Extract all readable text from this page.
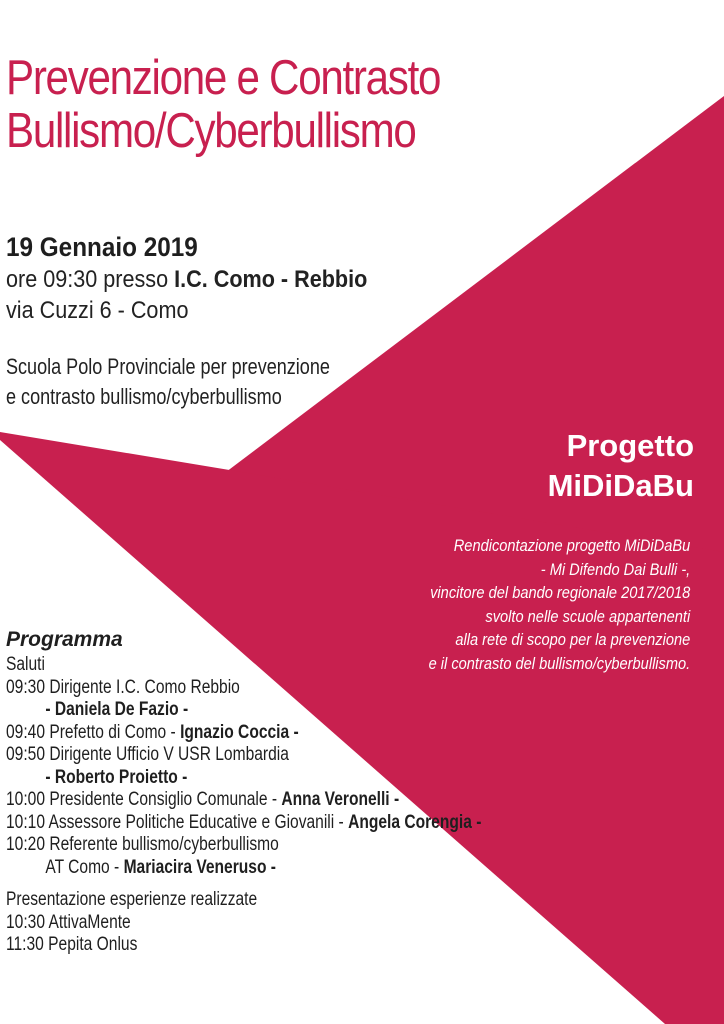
Prevenzione e Contrasto
Bullismo/Cyberbullismo
19 Gennaio 2019
ore 09:30 presso I.C. Como - Rebbio
via Cuzzi 6 - Como
Scuola Polo Provinciale per prevenzione
e contrasto bullismo/cyberbullismo
Progetto
MiDiDaBu
Rendicontazione progetto MiDiDaBu
- Mi Difendo Dai Bulli -,
vincitore del bando regionale 2017/2018
svolto nelle scuole appartenenti
alla rete di scopo per la prevenzione
e il contrasto del bullismo/cyberbullismo.
Programma
Saluti
09:30 Dirigente I.C. Como Rebbio
- Daniela De Fazio -
09:40 Prefetto di Como - Ignazio Coccia -
09:50 Dirigente Ufficio V USR Lombardia
- Roberto Proietto -
10:00 Presidente Consiglio Comunale - Anna Veronelli -
10:10 Assessore Politiche Educative e Giovanili - Angela Corengia -
10:20 Referente bullismo/cyberbullismo
AT Como - Mariacira Veneruso -
Presentazione esperienze realizzate
10:30 AttivaMente
11:30 Pepita Onlus
